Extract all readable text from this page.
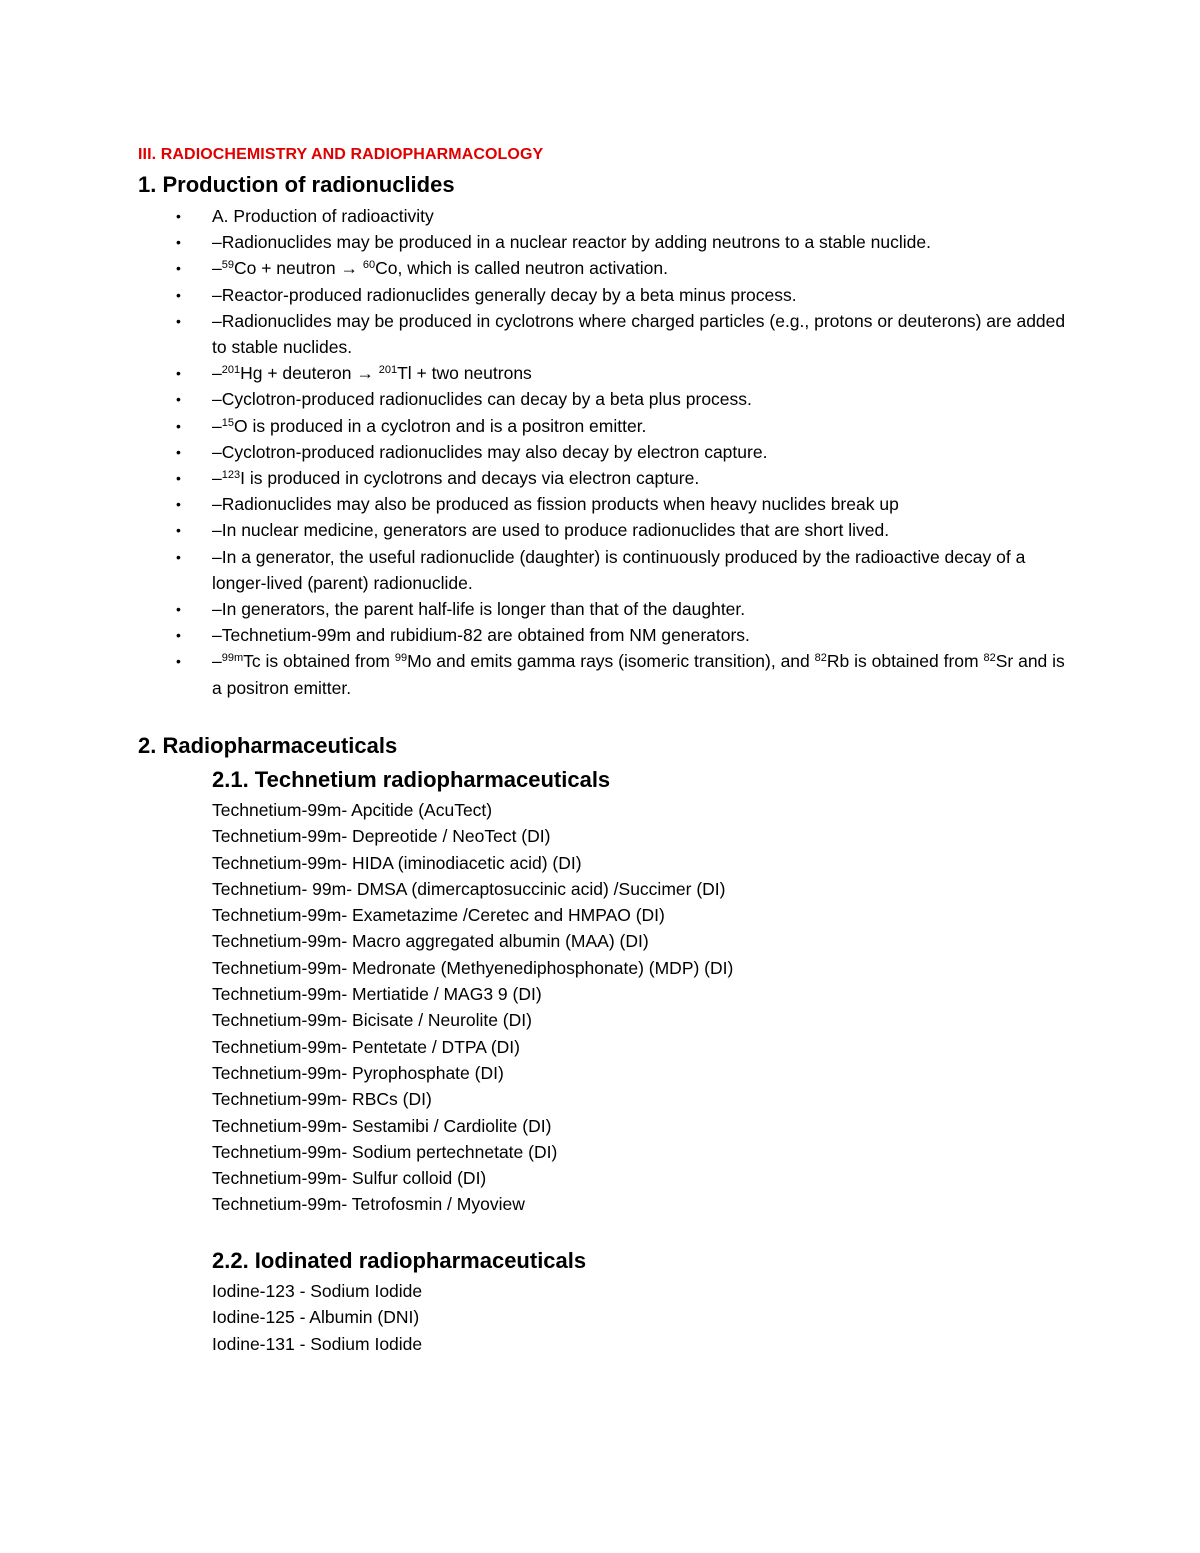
III. RADIOCHEMISTRY AND RADIOPHARMACOLOGY
1. Production of radionuclides
• A. Production of radioactivity
• –Radionuclides may be produced in a nuclear reactor by adding neutrons to a stable nuclide.
• –$^{59}$Co + neutron → $^{60}$Co, which is called neutron activation.
• –Reactor-produced radionuclides generally decay by a beta minus process.
• –Radionuclides may be produced in cyclotrons where charged particles (e.g., protons or deuterons) are added to stable nuclides.
• –$^{201}$Hg + deuteron → $^{201}$Tl + two neutrons
• –Cyclotron-produced radionuclides can decay by a beta plus process.
• –$^{15}$O is produced in a cyclotron and is a positron emitter.
• –Cyclotron-produced radionuclides may also decay by electron capture.
• –$^{123}$I is produced in cyclotrons and decays via electron capture.
• –Radionuclides may also be produced as fission products when heavy nuclides break up
• –In nuclear medicine, generators are used to produce radionuclides that are short lived.
• –In a generator, the useful radionuclide (daughter) is continuously produced by the radioactive decay of a longer-lived (parent) radionuclide.
• –In generators, the parent half-life is longer than that of the daughter.
• –Technetium-99m and rubidium-82 are obtained from NM generators.
• –$^{99m}$Tc is obtained from $^{99}$Mo and emits gamma rays (isomeric transition), and $^{82}$Rb is obtained from $^{82}$Sr and is a positron emitter.
2. Radiopharmaceuticals
2.1. Technetium radiopharmaceuticals
Technetium-99m- Apcitide (AcuTect)
Technetium-99m- Depreotide / NeoTect (DI)
Technetium-99m- HIDA (iminodiacetic acid) (DI)
Technetium- 99m- DMSA (dimercaptosuccinic acid) /Succimer (DI)
Technetium-99m- Exametazime /Ceretec and HMPAO (DI)
Technetium-99m- Macro aggregated albumin (MAA) (DI)
Technetium-99m- Medronate (Methyenediphosphonate) (MDP) (DI)
Technetium-99m- Mertiatide / MAG3 9 (DI)
Technetium-99m- Bicisate / Neurolite (DI)
Technetium-99m- Pentetate / DTPA (DI)
Technetium-99m- Pyrophosphate (DI)
Technetium-99m- RBCs (DI)
Technetium-99m- Sestamibi / Cardiolite (DI)
Technetium-99m- Sodium pertechnetate (DI)
Technetium-99m- Sulfur colloid (DI)
Technetium-99m- Tetrofosmin / Myoview
2.2. Iodinated radiopharmaceuticals
Iodine-123 - Sodium Iodide
Iodine-125 - Albumin (DNI)
Iodine-131 - Sodium Iodide
